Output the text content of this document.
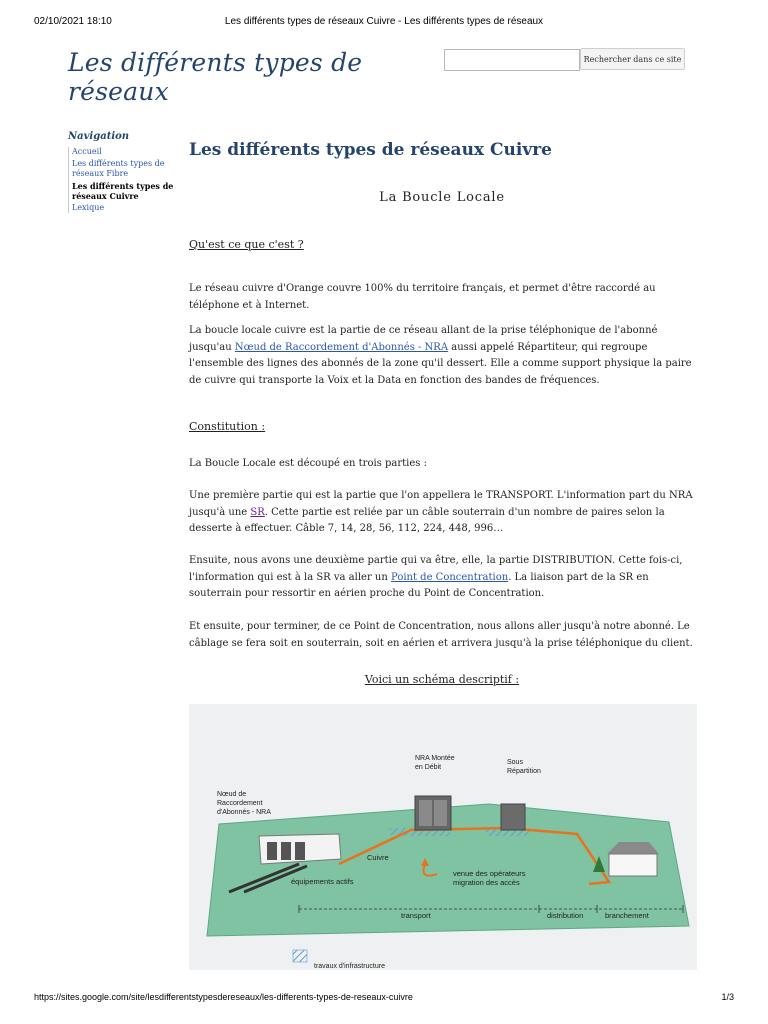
02/10/2021 18:10	Les différents types de réseaux Cuivre - Les différents types de réseaux
Les différents types de
réseaux
Rechercher dans ce site
Navigation
Accueil
Les différents types de réseaux Fibre
Les différents types de réseaux Cuivre
Lexique
Les différents types de réseaux Cuivre
La Boucle Locale
Qu'est ce que c'est ?
Le réseau cuivre d'Orange couvre 100% du territoire français, et permet d'être raccordé au téléphone et à Internet.
La boucle locale cuivre est la partie de ce réseau allant de la prise téléphonique de l'abonné jusqu'au Nœud de Raccordement d'Abonnés - NRA aussi appelé Répartiteur, qui regroupe l'ensemble des lignes des abonnés de la zone qu'il dessert. Elle a comme support physique la paire de cuivre qui transporte la Voix et la Data en fonction des bandes de fréquences.
Constitution :
La Boucle Locale est découpé en trois parties :
Une première partie qui est la partie que l'on appellera le TRANSPORT. L'information part du NRA jusqu'à une SR. Cette partie est reliée par un câble souterrain d'un nombre de paires selon la desserte à effectuer. Câble 7, 14, 28, 56, 112, 224, 448, 996…
Ensuite, nous avons une deuxième partie qui va être, elle, la partie DISTRIBUTION. Cette fois-ci, l'information qui est à la SR va aller un Point de Concentration. La liaison part de la SR en souterrain pour ressortir en aérien proche du Point de Concentration.
Et ensuite, pour terminer, de ce Point de Concentration, nous allons aller jusqu'à notre abonné. Le câblage se fera soit en souterrain, soit en aérien et arrivera jusqu'à la prise téléphonique du client.
Voici un schéma descriptif :
Nœud de
Raccordement
d'Abonnés - NRA
NRA Montée
en Débit
Sous
Répartition
Cuivre
équipements actifs
venue des opérateurs
migration des accès
transport	distribution	branchement
travaux d'infrastructure
https://sites.google.com/site/lesdifferentstypesdereseaux/les-differents-types-de-reseaux-cuivre	1/3
